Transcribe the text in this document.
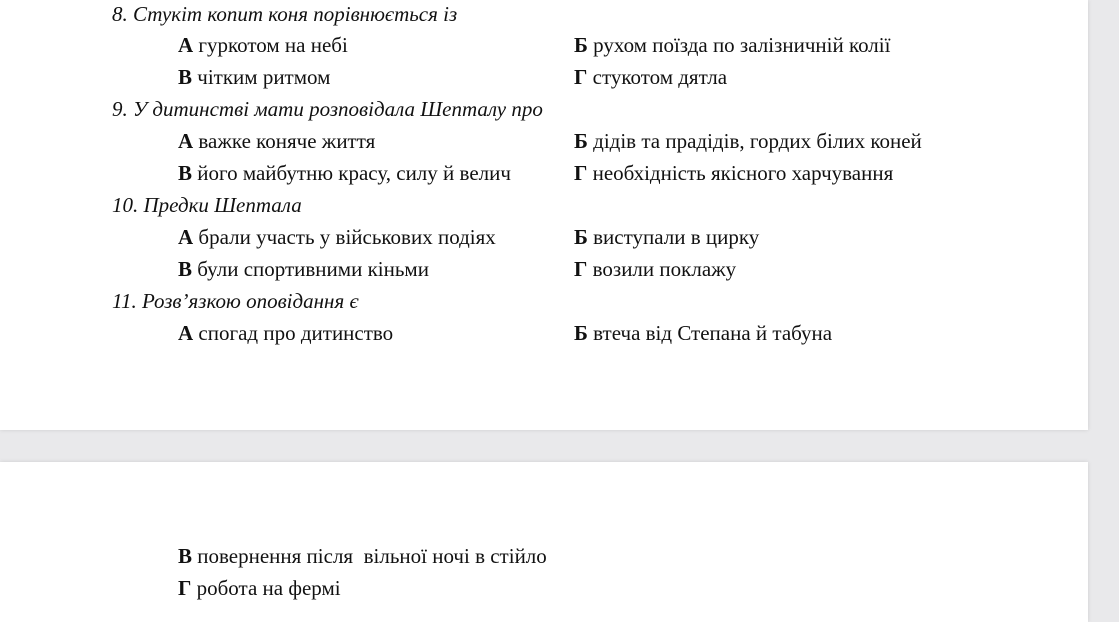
8. Стукіт копит коня порівнюється із
А гуркотом на небі	Б рухом поїзда по залізничній колії
В чітким ритмом	Г стукотом дятла
9. У дитинстві мати розповідала Шепталу про
А важке коняче життя	Б дідів та прадідів, гордих білих коней
В його майбутню красу, силу й велич	Г необхідність якісного харчування
10. Предки Шептала
А брали участь у військових подіях	Б виступали в цирку
В були спортивними кіньми	Г возили поклажу
11. Розв’язкою оповідання є
А спогад про дитинство	Б втеча від Степана й табуна
В повернення після  вільної ночі в стійло
Г робота на фермі
